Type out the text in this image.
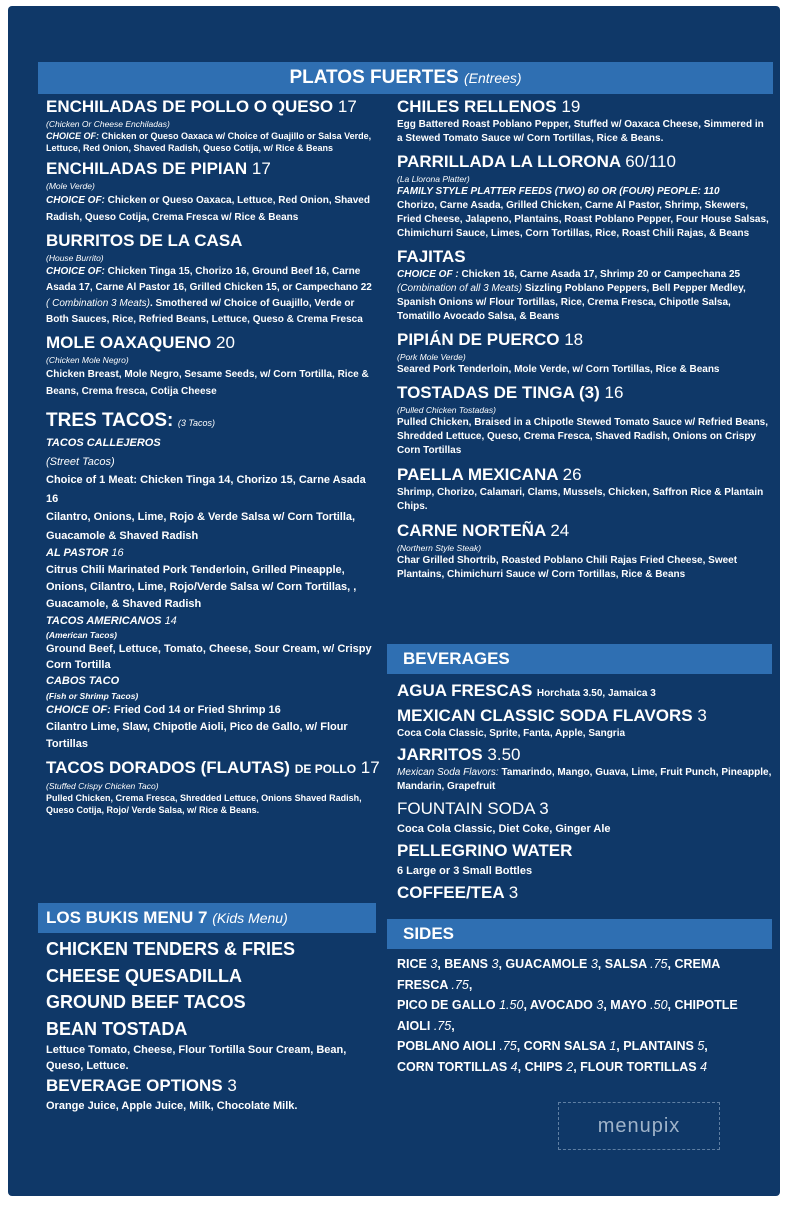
PLATOS FUERTES (Entrees)
ENCHILADAS DE POLLO O QUESO 17
(Chicken Or Cheese Enchiladas)
CHOICE OF: Chicken or Queso Oaxaca w/ Choice of Guajillo or Salsa Verde, Lettuce, Red Onion, Shaved Radish, Queso Cotija, w/ Rice & Beans
ENCHILADAS DE PIPIAN 17
(Mole Verde)
CHOICE OF: Chicken or Queso Oaxaca, Lettuce, Red Onion, Shaved Radish, Queso Cotija, Crema Fresca w/ Rice & Beans
BURRITOS DE LA CASA
(House Burrito)
CHOICE OF: Chicken Tinga 15, Chorizo 16, Ground Beef 16, Carne Asada 17, Carne Al Pastor 16, Grilled Chicken 15, or Campechano 22 ( Combination 3 Meats). Smothered w/ Choice of Guajillo, Verde or Both Sauces, Rice, Refried Beans, Lettuce, Queso & Crema Fresca
MOLE OAXAQUENO 20
(Chicken Mole Negro)
Chicken Breast, Mole Negro, Sesame Seeds, w/ Corn Tortilla, Rice & Beans, Crema fresca, Cotija Cheese
TRES TACOS: (3 Tacos)
TACOS CALLEJEROS
(Street Tacos)
Choice of 1 Meat: Chicken Tinga 14, Chorizo 15, Carne Asada 16
Cilantro, Onions, Lime, Rojo & Verde Salsa w/ Corn Tortilla, Guacamole & Shaved Radish
AL PASTOR 16
Citrus Chili Marinated Pork Tenderloin, Grilled Pineapple, Onions, Cilantro, Lime, Rojo/Verde Salsa w/ Corn Tortillas, , Guacamole, & Shaved Radish
TACOS AMERICANOS 14
(American Tacos)
Ground Beef, Lettuce, Tomato, Cheese, Sour Cream, w/ Crispy Corn Tortilla
CABOS TACO
(Fish or Shrimp Tacos)
CHOICE OF: Fried Cod 14 or Fried Shrimp 16
Cilantro Lime, Slaw, Chipotle Aioli, Pico de Gallo, w/ Flour Tortillas
TACOS DORADOS (FLAUTAS) DE POLLO 17
(Stuffed Crispy Chicken Taco)
Pulled Chicken, Crema Fresca, Shredded Lettuce, Onions Shaved Radish, Queso Cotija, Rojo/ Verde Salsa, w/ Rice & Beans.
LOS BUKIS MENU 7 (Kids Menu)
CHICKEN TENDERS & FRIES
CHEESE QUESADILLA
GROUND BEEF TACOS
BEAN TOSTADA
Lettuce Tomato, Cheese, Flour Tortilla Sour Cream, Bean, Queso, Lettuce.
BEVERAGE OPTIONS 3
Orange Juice, Apple Juice, Milk, Chocolate Milk.
CHILES RELLENOS 19
Egg Battered Roast Poblano Pepper, Stuffed w/ Oaxaca Cheese, Simmered in a Stewed Tomato Sauce w/ Corn Tortillas, Rice & Beans.
PARRILLADA LA LLORONA 60/110
(La Llorona Platter)
FAMILY STYLE PLATTER FEEDS (TWO) 60 OR (FOUR) PEOPLE: 110
Chorizo, Carne Asada, Grilled Chicken, Carne Al Pastor, Shrimp, Skewers, Fried Cheese, Jalapeno, Plantains, Roast Poblano Pepper, Four House Salsas, Chimichurri Sauce, Limes, Corn Tortillas, Rice, Roast Chili Rajas, & Beans
FAJITAS
CHOICE OF : Chicken 16, Carne Asada 17, Shrimp 20 or Campechana 25 (Combination of all 3 Meats) Sizzling Poblano Peppers, Bell Pepper Medley, Spanish Onions w/ Flour Tortillas, Rice, Crema Fresca, Chipotle Salsa, Tomatillo Avocado Salsa, & Beans
PIPIÁN DE PUERCO 18
(Pork Mole Verde)
Seared Pork Tenderloin, Mole Verde, w/ Corn Tortillas, Rice & Beans
TOSTADAS DE TINGA (3) 16
(Pulled Chicken Tostadas)
Pulled Chicken, Braised in a Chipotle Stewed Tomato Sauce w/ Refried Beans, Shredded Lettuce, Queso, Crema Fresca, Shaved Radish, Onions on Crispy Corn Tortillas
PAELLA MEXICANA 26
Shrimp, Chorizo, Calamari, Clams, Mussels, Chicken, Saffron Rice & Plantain Chips.
CARNE NORTEÑA 24
(Northern Style Steak)
Char Grilled Shortrib, Roasted Poblano Chili Rajas Fried Cheese, Sweet Plantains, Chimichurri Sauce w/ Corn Tortillas, Rice & Beans
BEVERAGES
AGUA FRESCAS Horchata 3.50, Jamaica 3
MEXICAN CLASSIC SODA FLAVORS 3
Coca Cola Classic, Sprite, Fanta, Apple, Sangria
JARRITOS 3.50
Mexican Soda Flavors: Tamarindo, Mango, Guava, Lime, Fruit Punch, Pineapple, Mandarin, Grapefruit
FOUNTAIN SODA 3
Coca Cola Classic, Diet Coke, Ginger Ale
PELLEGRINO WATER
6 Large or 3 Small Bottles
COFFEE/TEA 3
SIDES
RICE 3, BEANS 3, GUACAMOLE 3, SALSA .75, CREMA
FRESCA .75,
PICO DE GALLO 1.50, AVOCADO 3, MAYO .50, CHIPOTLE
AIOLI .75,
POBLANO AIOLI .75, CORN SALSA 1, PLANTAINS 5,
CORN TORTILLAS 4, CHIPS 2, FLOUR TORTILLAS 4
menupix
